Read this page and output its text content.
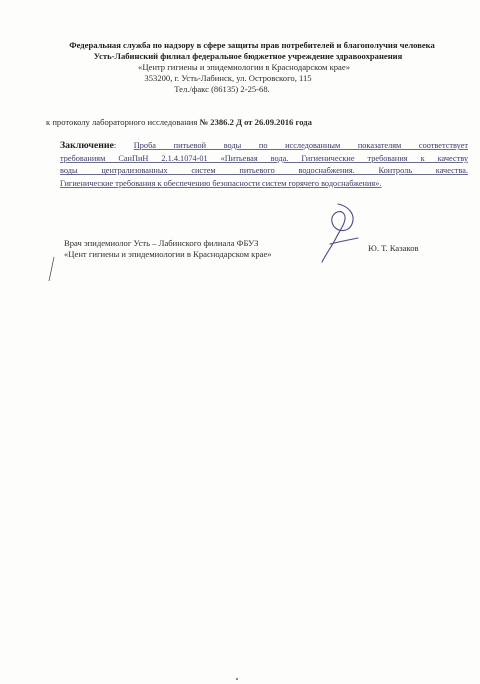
Федеральная служба по надзору в сфере защиты прав потребителей и благополучия человека
Усть-Лабинский филиал федеральное бюджетное учреждение здравоохранения
«Центр гигиены и эпидемиологии в Краснодарском крае»
353200, г. Усть-Лабинск, ул. Островского, 115
Тел./факс (86135) 2-25-68.
к протоколу лабораторного исследования № 2386.2 Д от 26.09.2016 года
Заключение: Проба питьевой воды по исследованным показателям соответствует
требованиям СанПиН 2.1.4.1074-01 «Питьевая вода. Гигиенические требования к качеству
воды централизованных систем питьевого водоснабжения. Контроль качества.
Гигиенические требования к обеспечению безопасности систем горячего водоснабжения».
Врач эпидемиолог Усть – Лабинского филиала ФБУЗ
«Цент гигиены и эпидемиологии в Краснодарском крае»
Ю. Т. Казаков
